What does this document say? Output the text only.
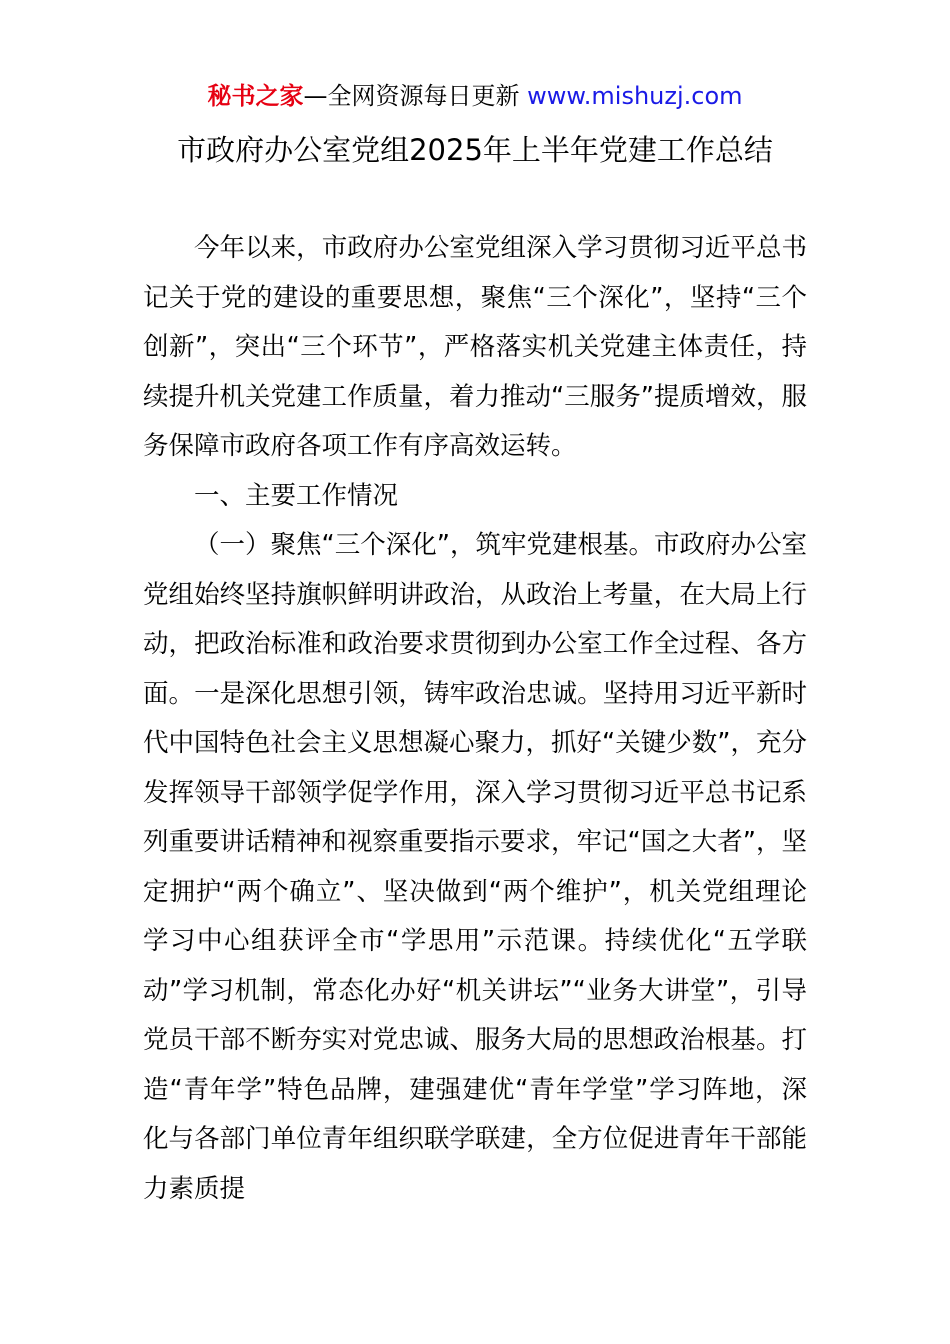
秘书之家—全网资源每日更新 www.mishuzj.com
市政府办公室党组2025年上半年党建工作总结

今年以来，市政府办公室党组深入学习贯彻习近平总书记关于党的建设的重要思想，聚焦“三个深化”，坚持“三个创新”，突出“三个环节”，严格落实机关党建主体责任，持续提升机关党建工作质量，着力推动“三服务”提质增效，服务保障市政府各项工作有序高效运转。

一、主要工作情况

（一）聚焦“三个深化”，筑牢党建根基。市政府办公室党组始终坚持旗帜鲜明讲政治，从政治上考量，在大局上行动，把政治标准和政治要求贯彻到办公室工作全过程、各方面。一是深化思想引领，铸牢政治忠诚。坚持用习近平新时代中国特色社会主义思想凝心聚力，抓好“关键少数”，充分发挥领导干部领学促学作用，深入学习贯彻习近平总书记系列重要讲话精神和视察重要指示要求，牢记“国之大者”，坚定拥护“两个确立”、坚决做到“两个维护”，机关党组理论学习中心组获评全市“学思用”示范课。持续优化“五学联动”学习机制，常态化办好“机关讲坛”“业务大讲堂”，引导党员干部不断夯实对党忠诚、服务大局的思想政治根基。打造“青年学”特色品牌，建强建优“青年学堂”学习阵地，深化与各部门单位青年组织联学联建，全方位促进青年干部能力素质提
